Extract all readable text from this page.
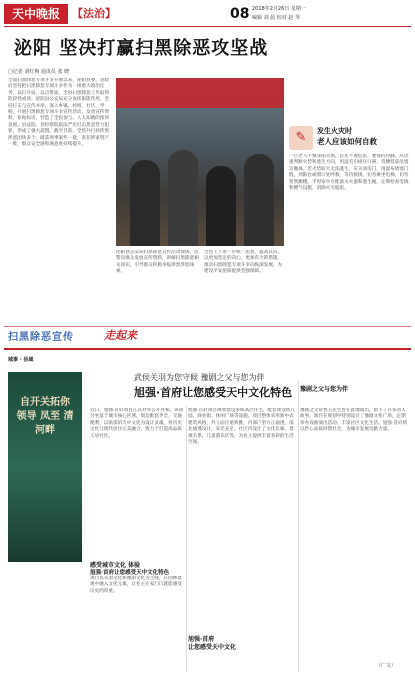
天中晚报	【法治】	08 2018年2月26日 星期一
编辑 刘 晨 校对 赵 琴
泌阳 坚决打赢扫黑除恶攻坚战
□记者 刘红梅 通讯员 张 晓
全面扫黑除恶专项斗争开展以来，泌阳县委、县政府坚持把扫黑除恶专项斗争作为一项重大政治任务，以打开局，以点带面，全县扫黑除恶工作取得阶段性成效。泌阳县公安局充分发挥职能作用，坚持打击与宣传并举，深入乡镇、村组、社区、学校，开展扫黑除恶专项斗争宣传活动，发放宣传资料，张贴标语，营造了全民参与、人人知晓的浓厚氛围。县法院、县检察院依法严厉打击黑恶势力犯罪，形成了强大震慑。截至目前，全县共打掉涉黑涉恶团伙多个，破获刑事案件一批，查扣涉案资产一批，群众安全感和满意度持续提升。
泌阳县公安局扫黑除恶宣传活动现场，民警向群众发放宣传资料，讲解扫黑除恶相关知识，引导群众积极举报涉黑涉恶线索。
全县上下进一步统一思想，提高认识，以更加坚定的决心、更加有力的措施，推动扫黑除恶专项斗争向纵深发展，为建设平安泌阳提供坚强保障。
✎	发生火灾时
老人应该如何自救
一旦老人不慎身陷火场，首先不要慌张，要保持冷静。应迅速判断火势和逃生方向，用湿毛巾捂住口鼻，弯腰低姿沿墙边撤离。若火势较大无法逃生，应关闭房门，用湿布堵塞门缝，到阳台或窗口处呼救，等待救援。切勿乘坐电梯，切勿贸然跳楼。平时家中应配备灭火器和逃生绳，定期检查电线和燃气设施，消除火灾隐患。
扫黑除恶宣传	走起来
城事 · 县域
自开关拓你 领导 凤至 清河畔
武侯关羽为您守候 豫剧之父与您为伴
旭强·首府让您感受天中文化特色
近日，旭强·首府项目正式对外公开亮相。该项目坐落于城市核心区域，周边配套齐全，交通便利，以浓郁的天中文化为设计灵魂，将历史文化与现代居住完美融合，致力于打造高品质人居社区。
感受城市文化 体验
旭强·首府让您感受天中文化特色
项目以关羽文化和豫剧文化为主线，在园林景观中融入文化元素，让业主在家门口就能感受历史的厚重。
旭强·首府项目规划建设多栋高层住宅，配套建设幼儿园、商业街、休闲广场等设施。项目整体采用新中式建筑风格，外立面庄重典雅，内部户型方正通透，南北通透设计，采光充足。社区内设计了文化长廊、景观水系、儿童游乐区等，为业主提供丰富多彩的生活空间。
旭强·首府
让您感受天中文化
豫剧之父与您为伴
豫剧之父常香玉先生曾在此地演出，留下了许多动人故事。项目在规划中特别设计了豫剧文化广场，定期举办戏曲演出活动，丰富社区文化生活。旭强·首府将以匠心品质回馈社会，为城市发展贡献力量。
（广文）
